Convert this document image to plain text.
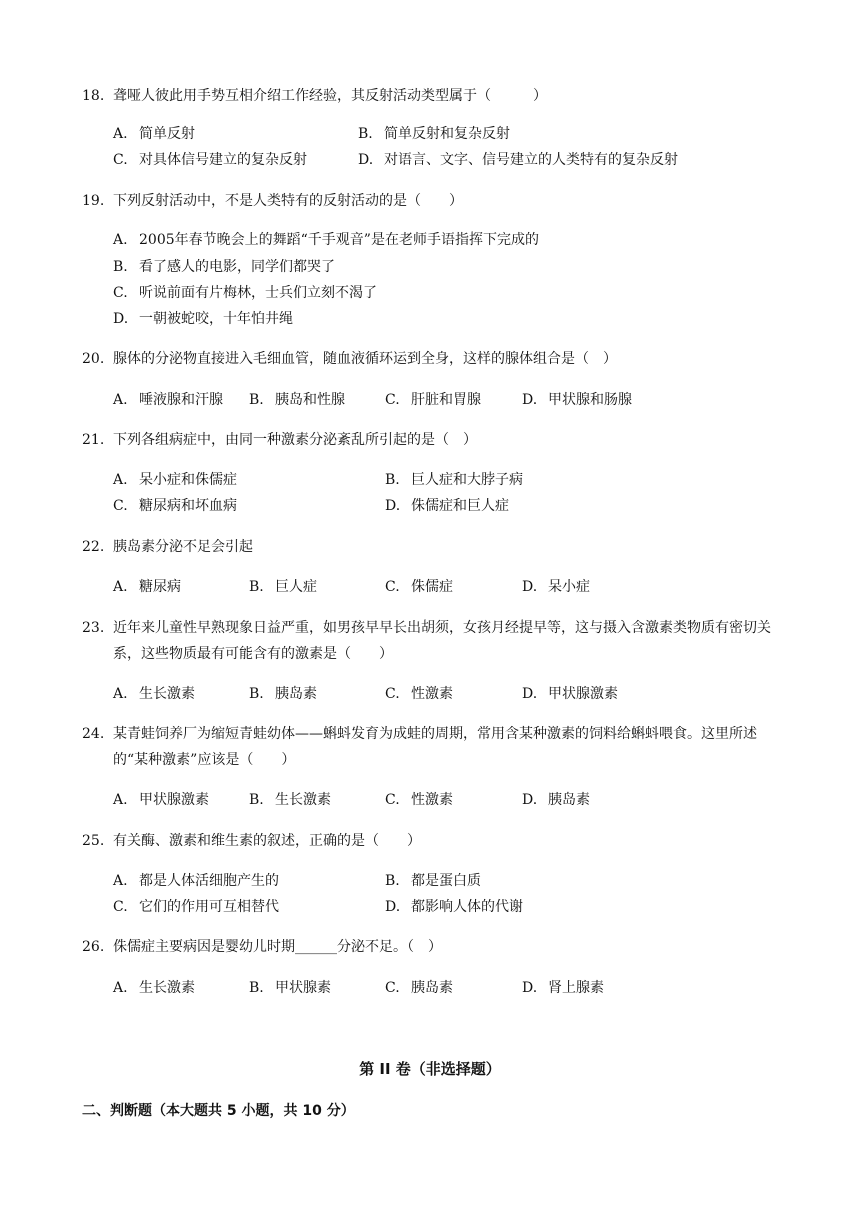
18. 聋哑人彼此用手势互相介绍工作经验，其反射活动类型属于（　　　）
A. 简单反射	B. 简单反射和复杂反射
C. 对具体信号建立的复杂反射	D. 对语言、文字、信号建立的人类特有的复杂反射
19. 下列反射活动中，不是人类特有的反射活动的是（　　）
A. 2005年春节晚会上的舞蹈“千手观音”是在老师手语指挥下完成的
B. 看了感人的电影，同学们都哭了
C. 听说前面有片梅林，士兵们立刻不渴了
D. 一朝被蛇咬，十年怕井绳
20. 腺体的分泌物直接进入毛细血管，随血液循环运到全身，这样的腺体组合是（　）
A. 唾液腺和汗腺 B. 胰岛和性腺	C. 肝脏和胃腺	D. 甲状腺和肠腺
21. 下列各组病症中，由同一种激素分泌紊乱所引起的是（　）
A. 呆小症和侏儒症	B. 巨人症和大脖子病
C. 糖尿病和坏血病	D. 侏儒症和巨人症
22. 胰岛素分泌不足会引起
A. 糖尿病	B. 巨人症	C. 侏儒症	D. 呆小症
23. 近年来儿童性早熟现象日益严重，如男孩早早长出胡须，女孩月经提早等，这与摄入含激素类物质有密切关系，这些物质最有可能含有的激素是（　　）
A. 生长激素	B. 胰岛素	C. 性激素	D. 甲状腺激素
24. 某青蛙饲养厂为缩短青蛙幼体——蝌蚪发育为成蛙的周期，常用含某种激素的饲料给蝌蚪喂食。这里所述的“某种激素”应该是（　　）
A. 甲状腺激素	B. 生长激素	C. 性激素	D. 胰岛素
25. 有关酶、激素和维生素的叙述，正确的是（　　）
A. 都是人体活细胞产生的	B. 都是蛋白质
C. 它们的作用可互相替代	D. 都影响人体的代谢
26. 侏儒症主要病因是婴幼儿时期______分泌不足。（　）
A. 生长激素	B. 甲状腺素	C. 胰岛素	D. 肾上腺素
第 II 卷（非选择题）
二、判断题（本大题共 5 小题，共 10 分）
